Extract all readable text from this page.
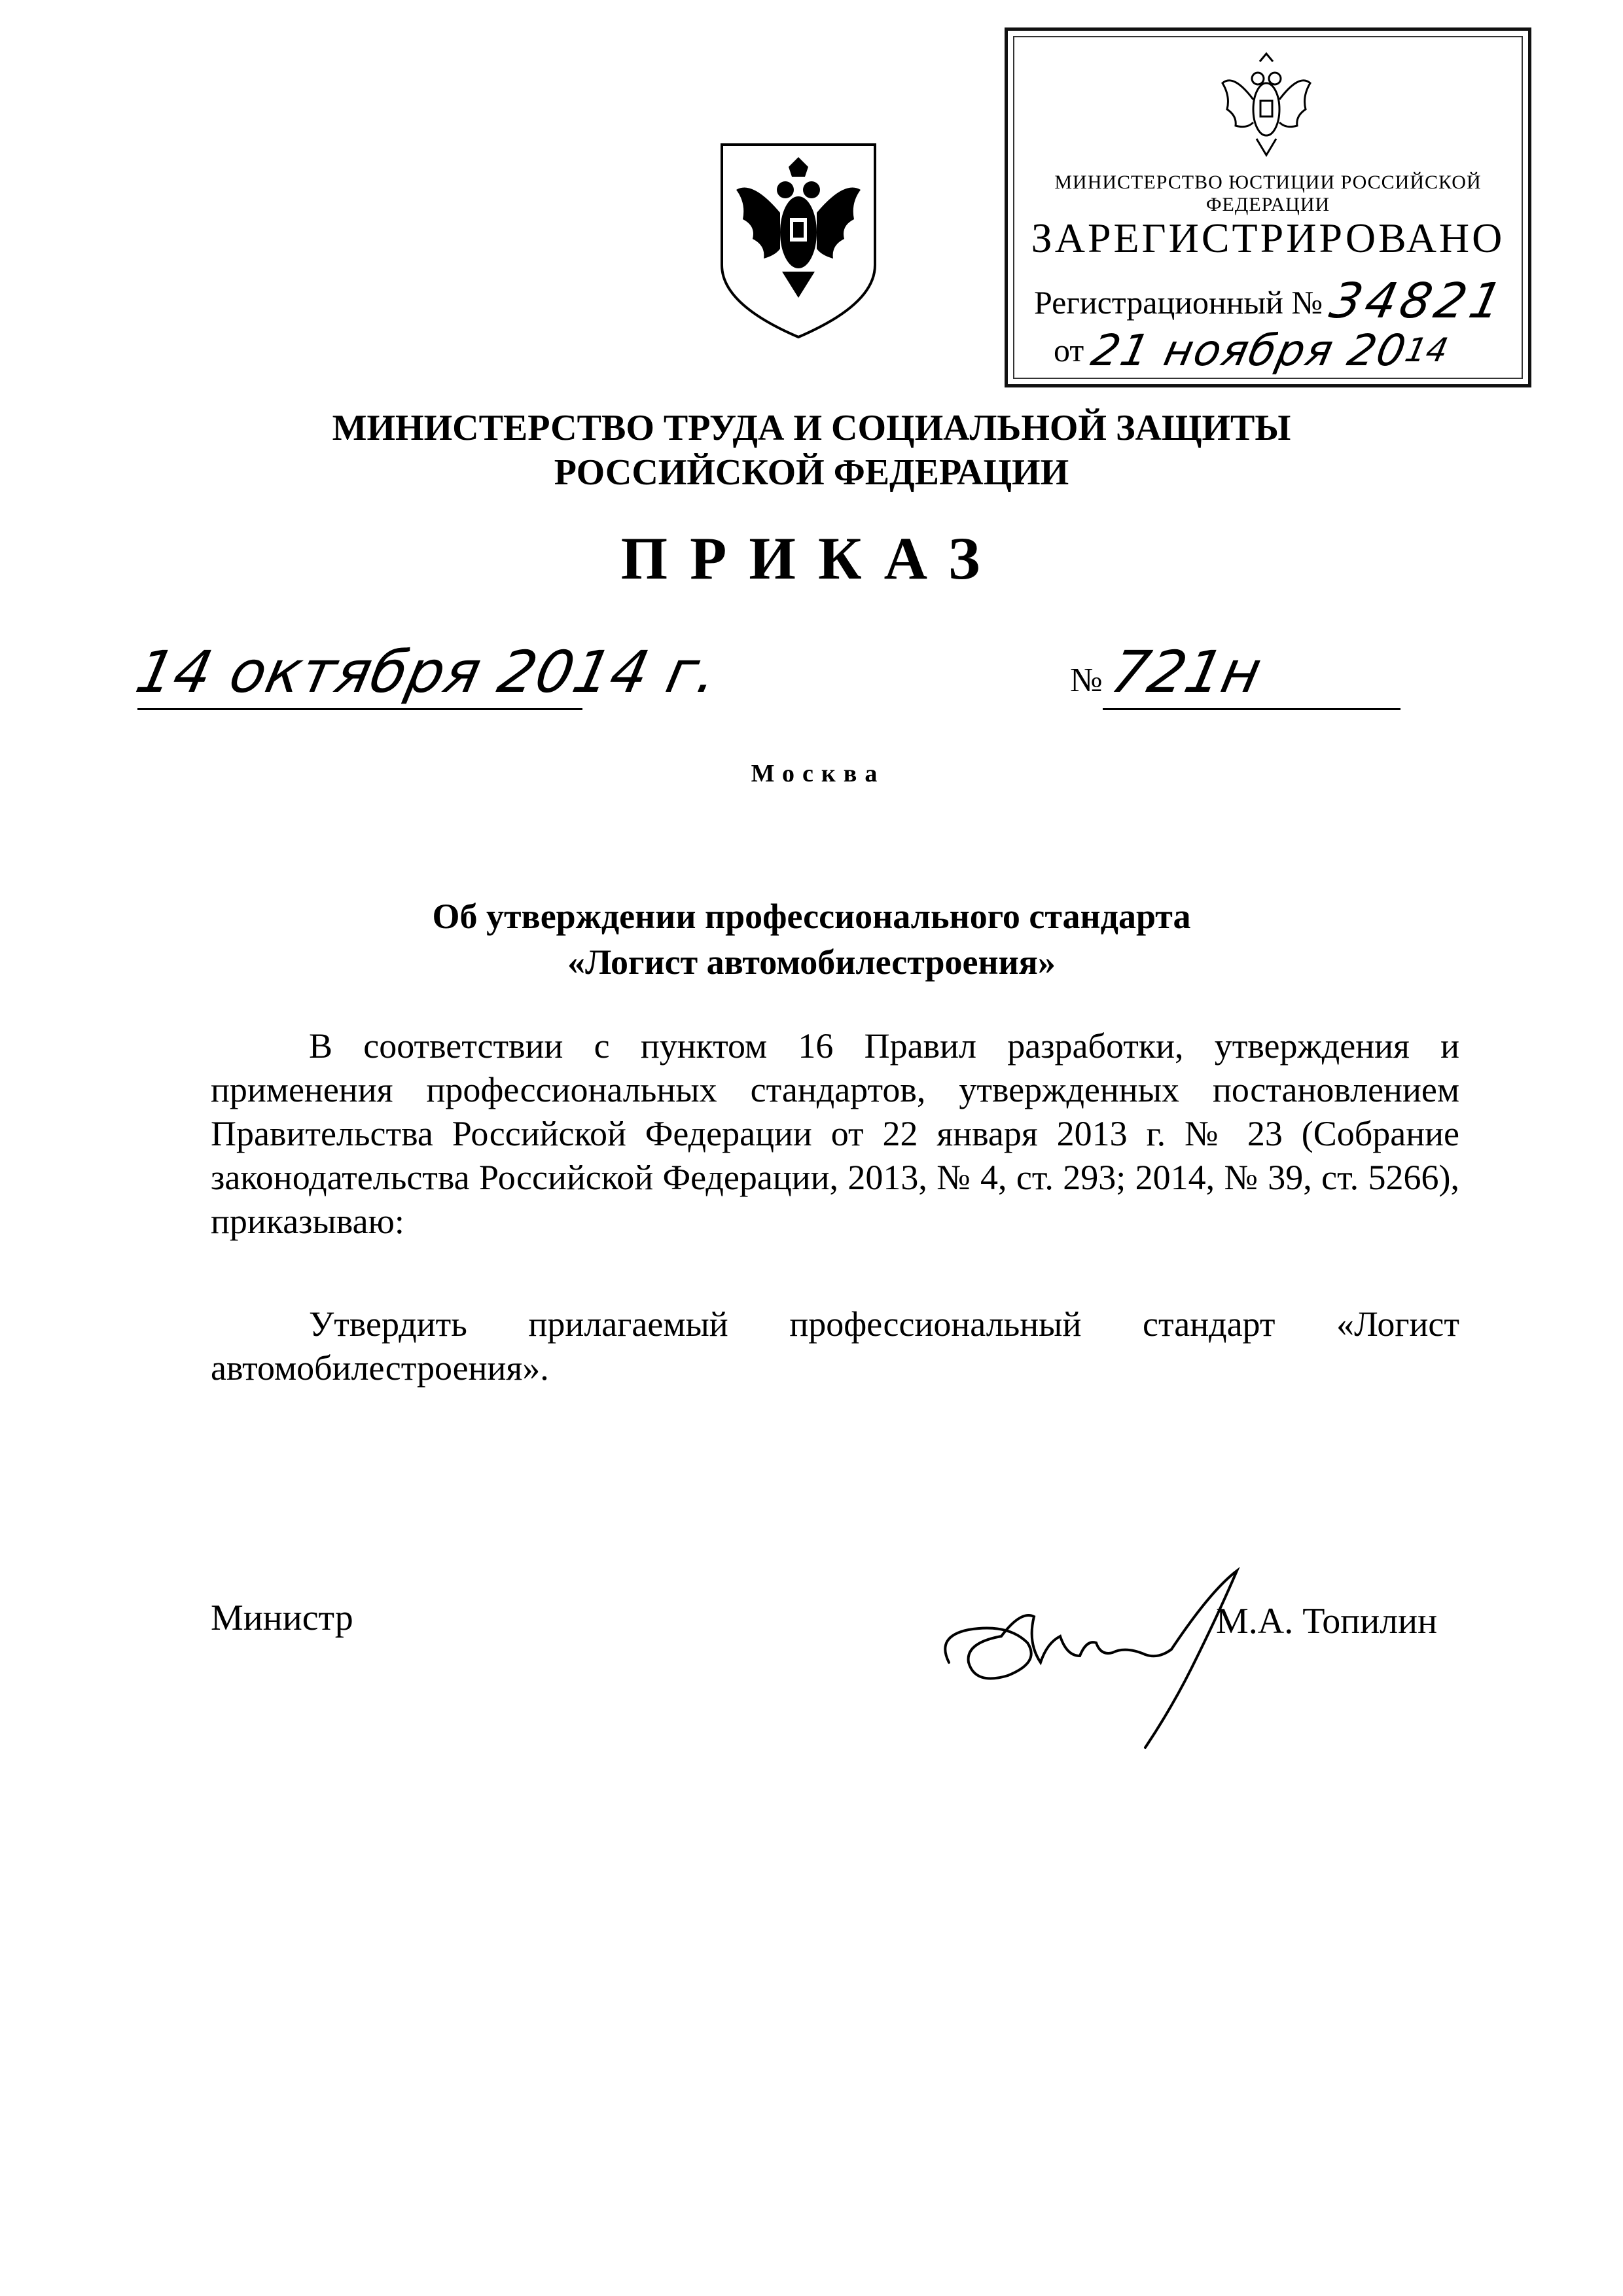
МИНИСТЕРСТВО ЮСТИЦИИ РОССИЙСКОЙ ФЕДЕРАЦИИ
ЗАРЕГИСТРИРОВАНО
Регистрационный № 34821
от 21 ноября 2014
МИНИСТЕРСТВО ТРУДА И СОЦИАЛЬНОЙ ЗАЩИТЫ
РОССИЙСКОЙ ФЕДЕРАЦИИ
ПРИКАЗ
14 октября 2014 г.	№ 721н
Москва
Об утверждении профессионального стандарта
«Логист автомобилестроения»
В соответствии с пунктом 16 Правил разработки, утверждения и применения профессиональных стандартов, утвержденных постановлением Правительства Российской Федерации от 22 января 2013 г. № 23 (Собрание законодательства Российской Федерации, 2013, № 4, ст. 293; 2014, № 39, ст. 5266), приказываю:
Утвердить прилагаемый профессиональный стандарт «Логист автомобилестроения».
Министр	М.А. Топилин
